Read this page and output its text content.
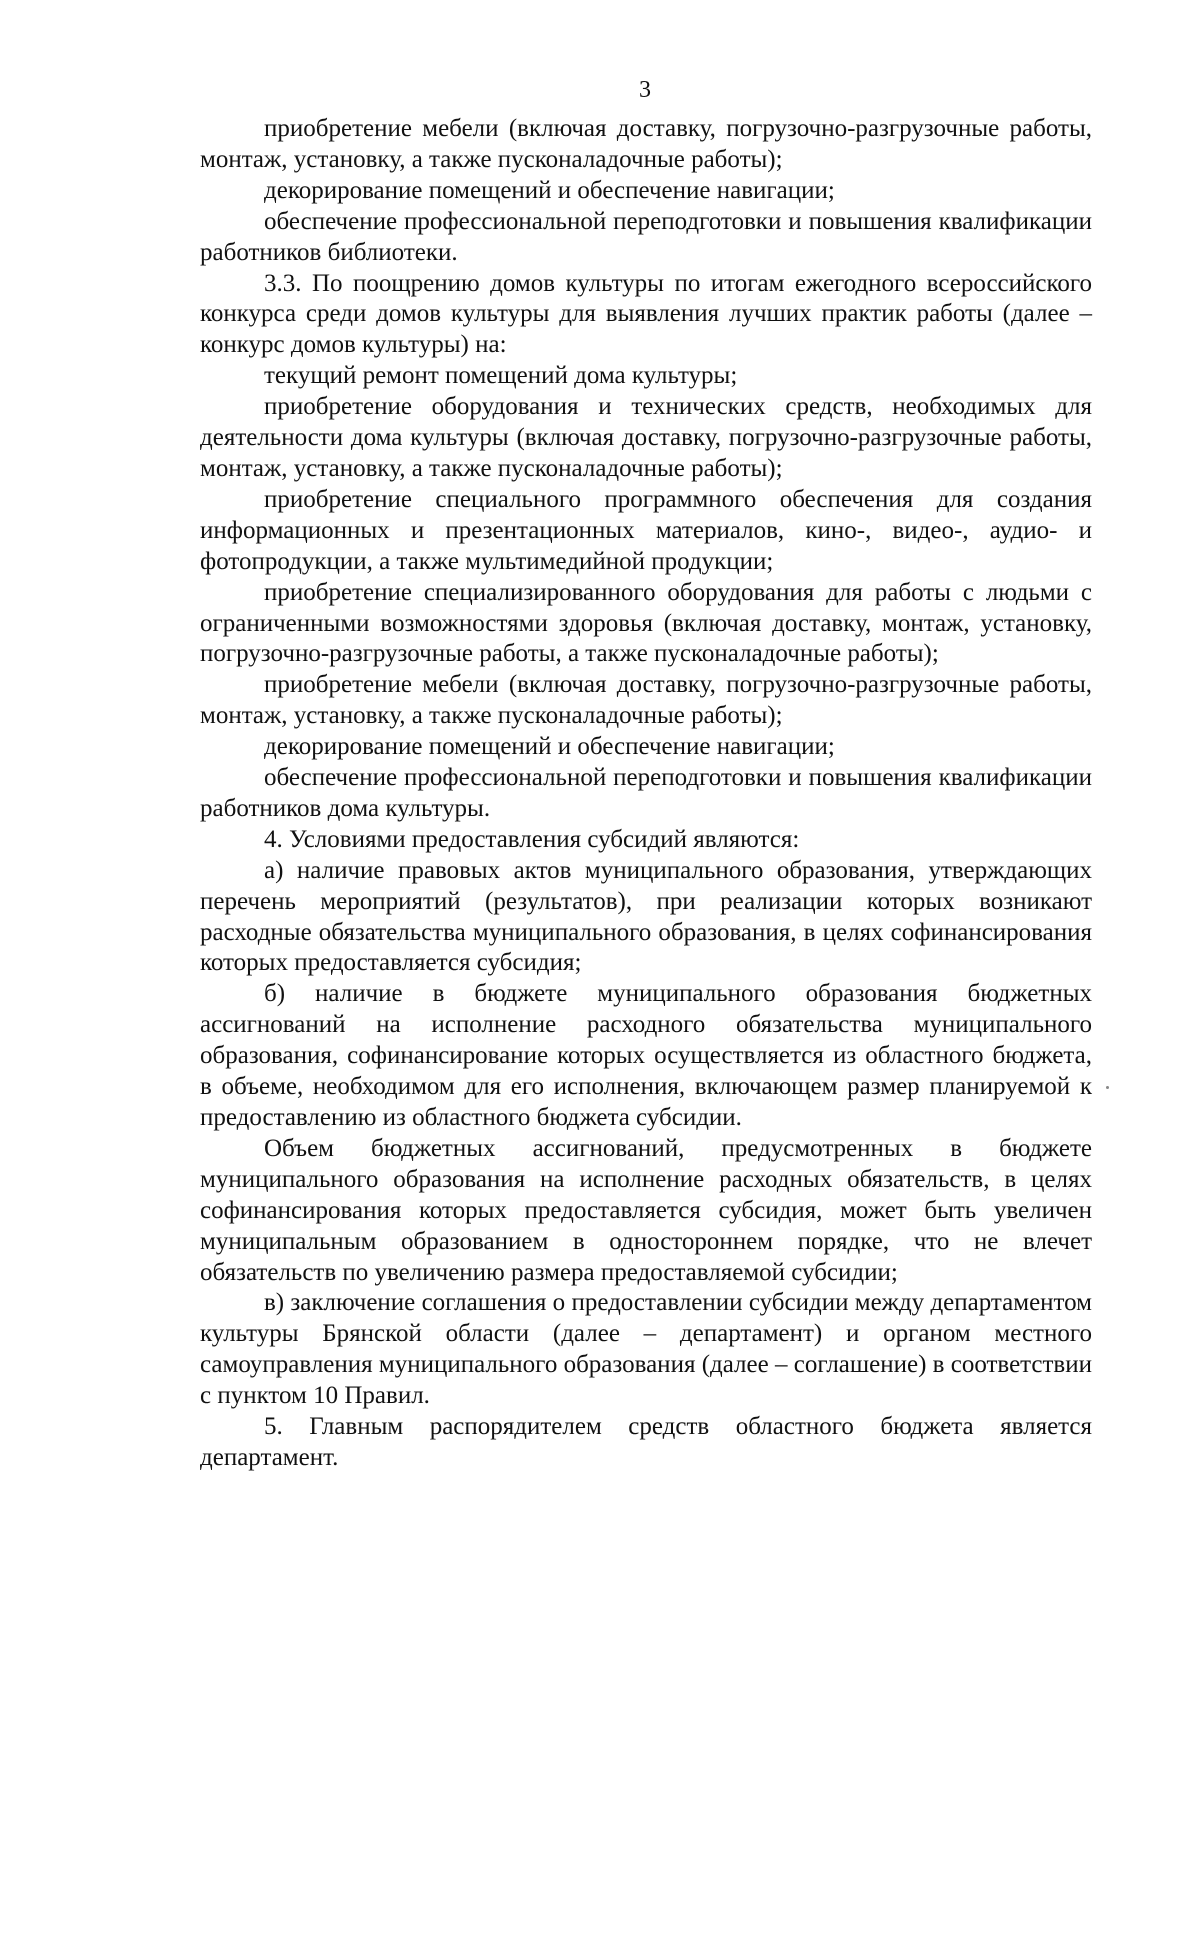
3

приобретение мебели (включая доставку, погрузочно-разгрузочные работы, монтаж, установку, а также пусконаладочные работы);

декорирование помещений и обеспечение навигации;

обеспечение профессиональной переподготовки и повышения квалификации работников библиотеки.

3.3. По поощрению домов культуры по итогам ежегодного всероссийского конкурса среди домов культуры для выявления лучших практик работы (далее – конкурс домов культуры) на:

текущий ремонт помещений дома культуры;

приобретение оборудования и технических средств, необходимых для деятельности дома культуры (включая доставку, погрузочно-разгрузочные работы, монтаж, установку, а также пусконаладочные работы);

приобретение специального программного обеспечения для создания информационных и презентационных материалов, кино-, видео-, аудио- и фотопродукции, а также мультимедийной продукции;

приобретение специализированного оборудования для работы с людьми с ограниченными возможностями здоровья (включая доставку, монтаж, установку, погрузочно-разгрузочные работы, а также пусконаладочные работы);

приобретение мебели (включая доставку, погрузочно-разгрузочные работы, монтаж, установку, а также пусконаладочные работы);

декорирование помещений и обеспечение навигации;

обеспечение профессиональной переподготовки и повышения квалификации работников дома культуры.

4. Условиями предоставления субсидий являются:

а) наличие правовых актов муниципального образования, утверждающих перечень мероприятий (результатов), при реализации которых возникают расходные обязательства муниципального образования, в целях софинансирования которых предоставляется субсидия;

б) наличие в бюджете муниципального образования бюджетных ассигнований на исполнение расходного обязательства муниципального образования, софинансирование которых осуществляется из областного бюджета, в объеме, необходимом для его исполнения, включающем размер планируемой к предоставлению из областного бюджета субсидии.

Объем бюджетных ассигнований, предусмотренных в бюджете муниципального образования на исполнение расходных обязательств, в целях софинансирования которых предоставляется субсидия, может быть увеличен муниципальным образованием в одностороннем порядке, что не влечет обязательств по увеличению размера предоставляемой субсидии;

в) заключение соглашения о предоставлении субсидии между департаментом культуры Брянской области (далее – департамент) и органом местного самоуправления муниципального образования (далее – соглашение) в соответствии с пунктом 10 Правил.

5. Главным распорядителем средств областного бюджета является департамент.
